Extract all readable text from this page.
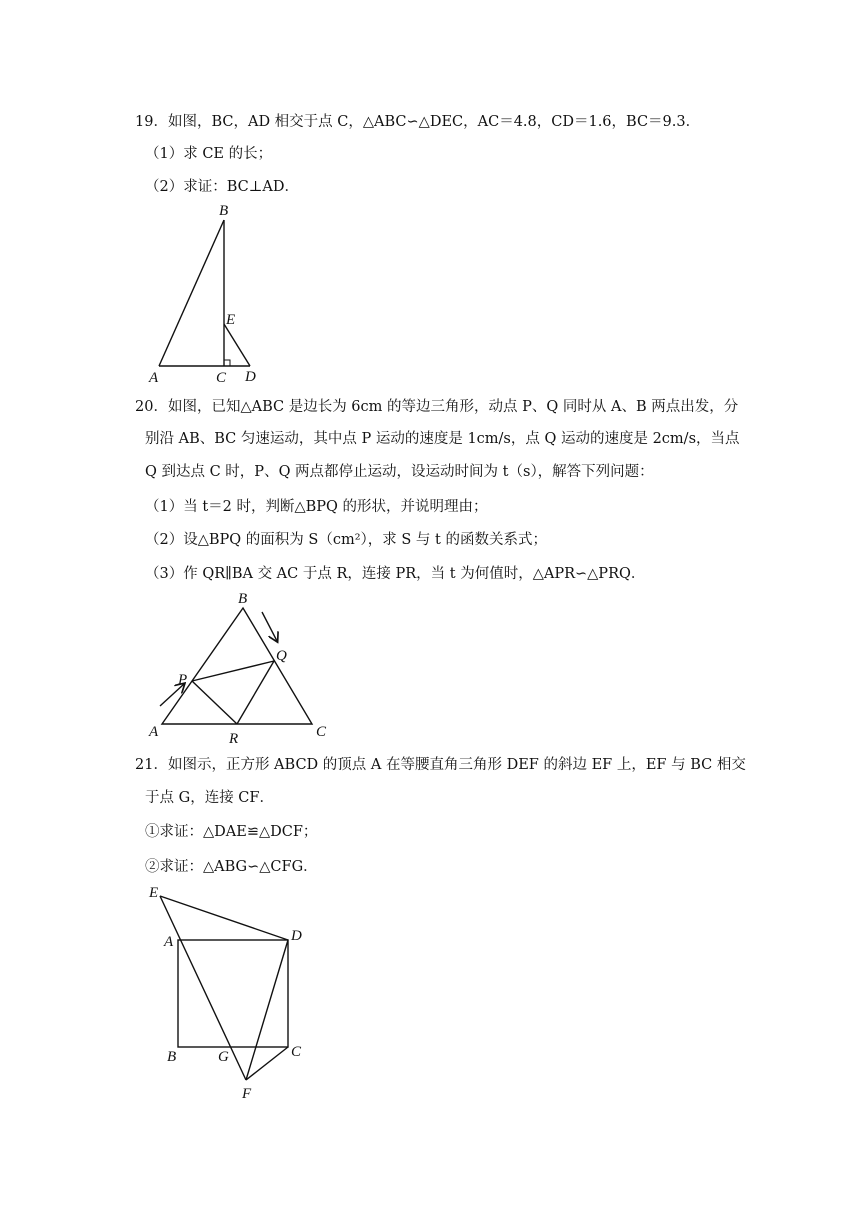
19．如图，BC，AD 相交于点 C，△ABC∽△DEC，AC＝4.8，CD＝1.6，BC＝9.3．
（1）求 CE 的长；
（2）求证：BC⊥AD．
B
E
A	C D
20．如图，已知△ABC 是边长为 6cm 的等边三角形，动点 P、Q 同时从 A、B 两点出发，分
别沿 AB、BC 匀速运动，其中点 P 运动的速度是 1cm/s，点 Q 运动的速度是 2cm/s，当点
Q 到达点 C 时，P、Q 两点都停止运动，设运动时间为 t（s），解答下列问题：
（1）当 t＝2 时，判断△BPQ 的形状，并说明理由；
（2）设△BPQ 的面积为 S（cm²），求 S 与 t 的函数关系式；
（3）作 QR∥BA 交 AC 于点 R，连接 PR，当 t 为何值时，△APR∽△PRQ．
B
Q
P
A	R	C
21．如图示，正方形 ABCD 的顶点 A 在等腰直角三角形 DEF 的斜边 EF 上，EF 与 BC 相交
于点 G，连接 CF．
①求证：△DAE≌△DCF；
②求证：△ABG∽△CFG．
E
A	D
B	G	C
F
